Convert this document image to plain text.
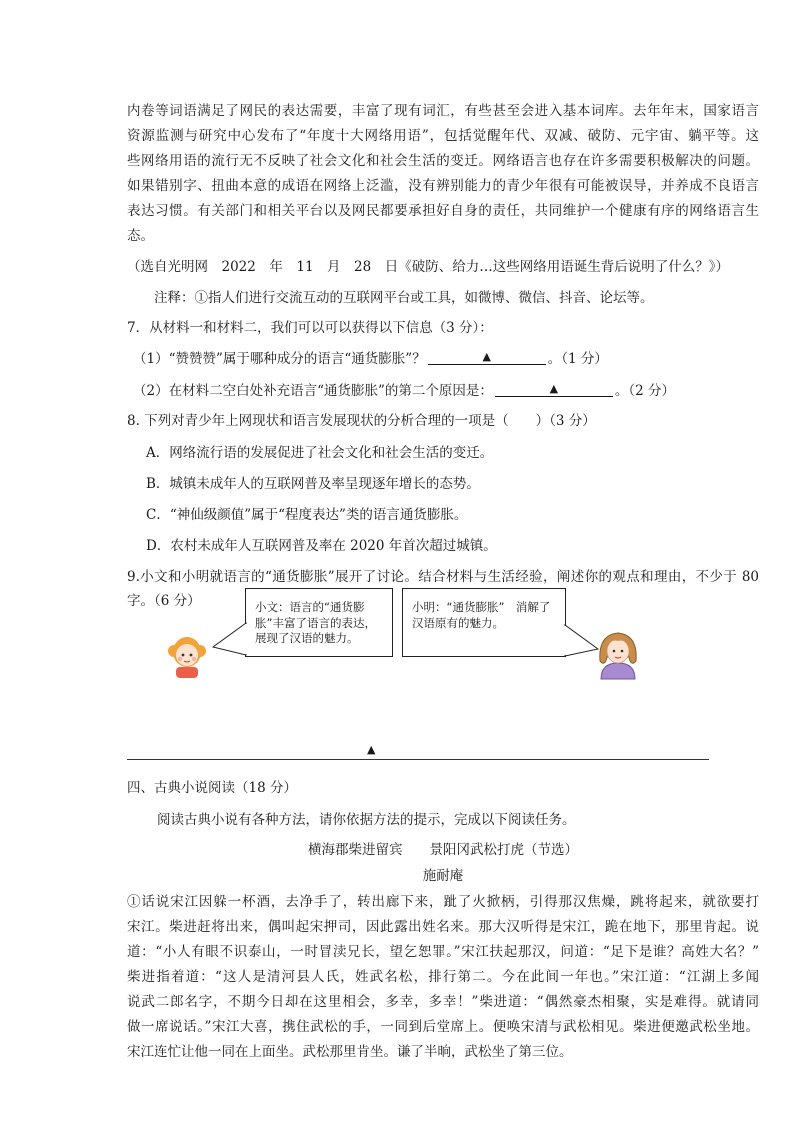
内卷等词语满足了网民的表达需要，丰富了现有词汇，有些甚至会进入基本词库。去年年末，国家语言
资源监测与研究中心发布了“年度十大网络用语”，包括觉醒年代、双减、破防、元宇宙、躺平等。这
些网络用语的流行无不反映了社会文化和社会生活的变迁。网络语言也存在许多需要积极解决的问题。
如果错别字、扭曲本意的成语在网络上泛滥，没有辨别能力的青少年很有可能被误导，并养成不良语言
表达习惯。有关部门和相关平台以及网民都要承担好自身的责任，共同维护一个健康有序的网络语言生
态。
（选自光明网　2022　年　11　月　28　日《破防、给力…这些网络用语诞生背后说明了什么？》）
注释：①指人们进行交流互动的互联网平台或工具，如微博、微信、抖音、论坛等。
7．从材料一和材料二，我们可以可以获得以下信息（3 分）：
（1）“赞赞赞”属于哪种成分的语言“通货膨胀”？	▲	。（1 分）
（2）在材料二空白处补充语言“通货膨胀”的第二个原因是：	▲	。（2 分）
8. 下列对青少年上网现状和语言发展现状的分析合理的一项是（　　）（3 分）
A．网络流行语的发展促进了社会文化和社会生活的变迁。
B．城镇未成年人的互联网普及率呈现逐年增长的态势。
C．“神仙级颜值”属于“程度表达”类的语言通货膨胀。
D．农村未成年人互联网普及率在 2020 年首次超过城镇。
9.小文和小明就语言的“通货膨胀”展开了讨论。结合材料与生活经验，阐述你的观点和理由，不少于 80
字。（6 分）	小文：语言的“通货膨
胀”丰富了语言的表达，
展现了汉语的魅力。
小明：“通货膨胀”　消解了
汉语原有的魅力。
▲
四、古典小说阅读（18 分）
阅读古典小说有各种方法，请你依据方法的提示，完成以下阅读任务。
横海郡柴进留宾　　景阳冈武松打虎（节选）
施耐庵
①话说宋江因躲一杯酒，去净手了，转出廊下来，跐了火掀柄，引得那汉焦燥，跳将起来，就欲要打
宋江。柴进赶将出来，偶叫起宋押司，因此露出姓名来。那大汉听得是宋江，跪在地下，那里肯起。说
道：“小人有眼不识泰山，一时冒渎兄长，望乞恕罪。”宋江扶起那汉，问道：“足下是谁？高姓大名？”
柴进指着道：“这人是清河县人氏，姓武名松，排行第二。今在此间一年也。”宋江道：“江湖上多闻
说武二郎名字，不期今日却在这里相会，多幸，多幸！”柴进道：“偶然豪杰相聚，实是难得。就请同
做一席说话。”宋江大喜，携住武松的手，一同到后堂席上。便唤宋清与武松相见。柴进便邀武松坐地。
宋江连忙让他一同在上面坐。武松那里肯坐。谦了半晌，武松坐了第三位。
